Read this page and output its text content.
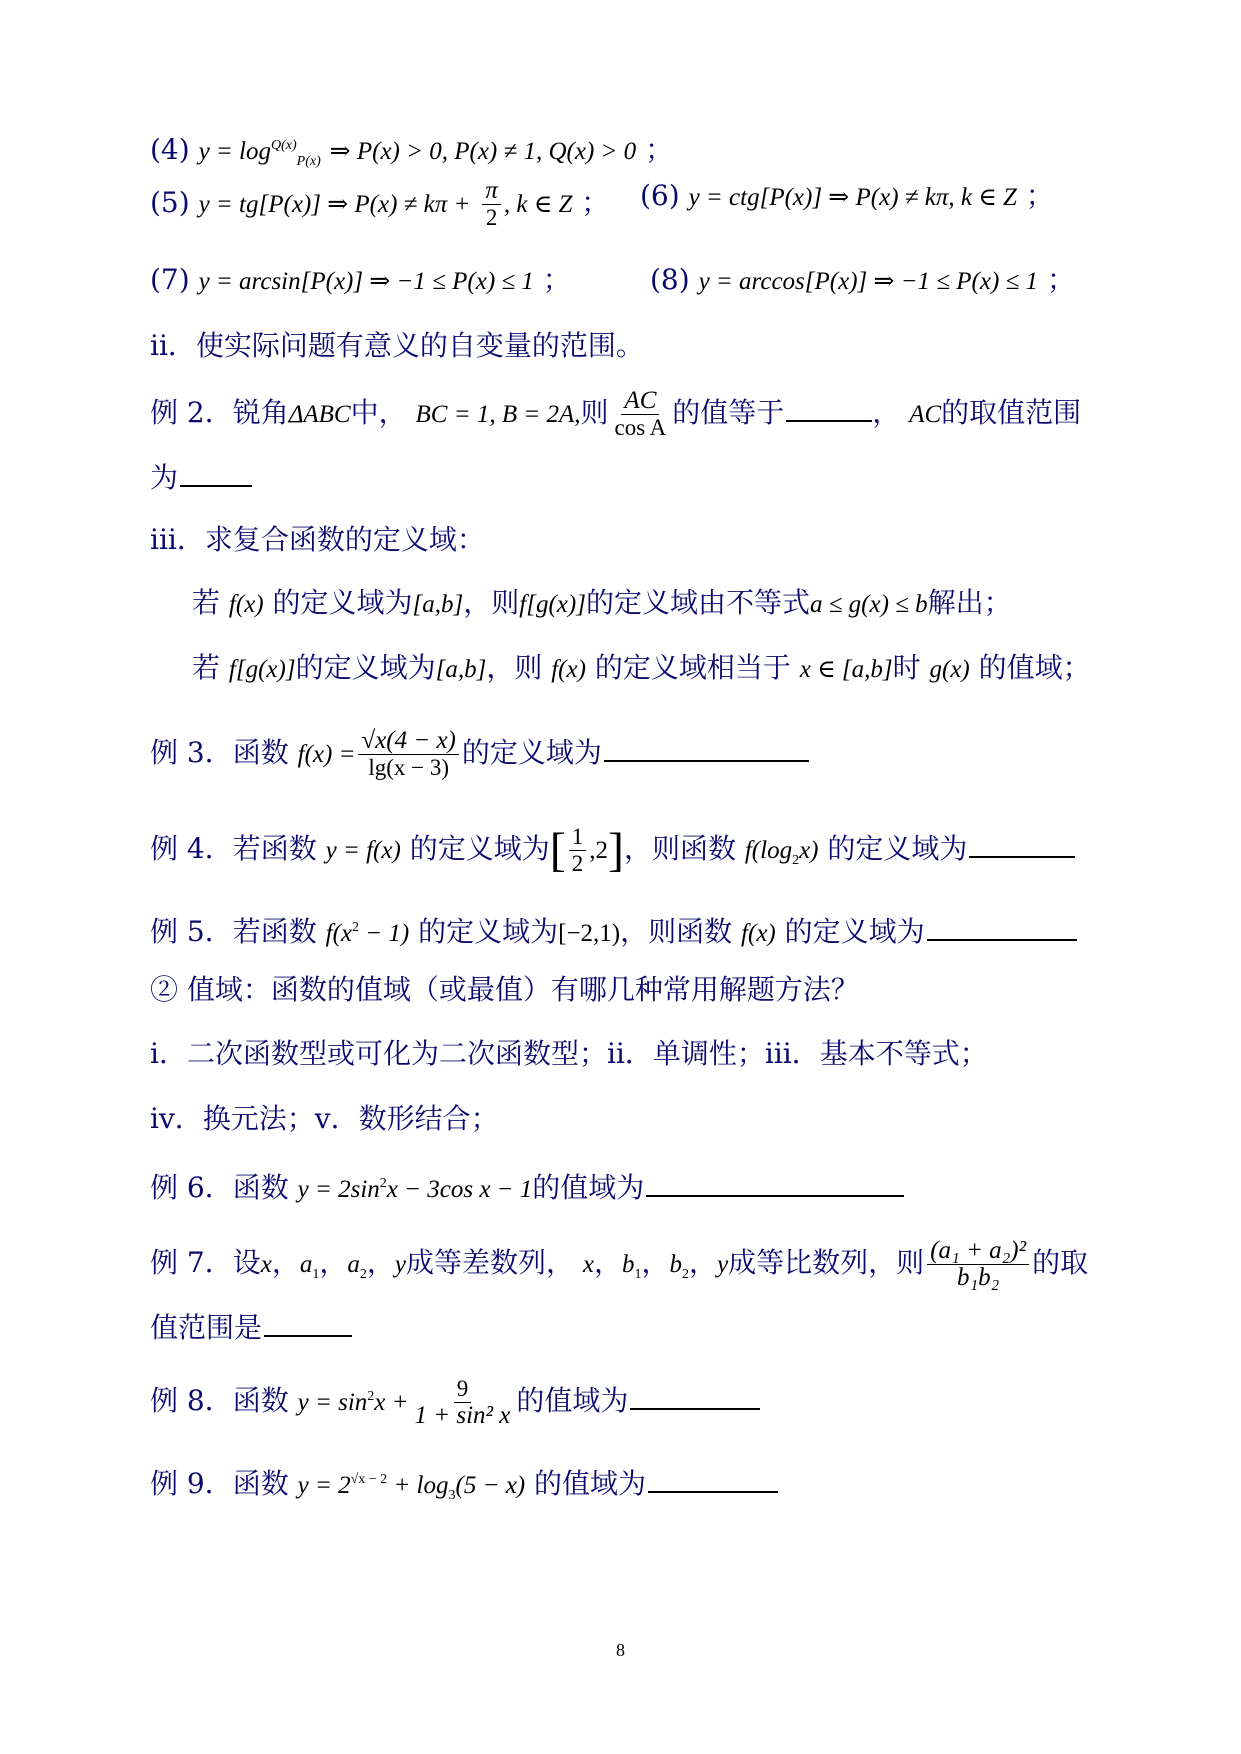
(4) $y = \log^{Q(x)}_{P(x)}$ ⇒ P(x) > 0, P(x) ≠ 1, Q(x) > 0 ；
(5) y = tg[P(x)] ⇒ $P(x) \ne k\pi + \frac{\pi}{2}$ , k ∈ Z ； (6) y = ctg[P(x)] ⇒ P(x) ≠ kπ, k ∈ Z ；
(7) y = arcsin[P(x)] ⇒ −1 ≤ P(x) ≤ 1 ；	(8) y = arccos[P(x)] ⇒ −1 ≤ P(x) ≤ 1 ；
ii．使实际问题有意义的自变量的范围。
例 2．锐角ΔABC中， BC = 1, B = 2A,则 $\frac{AC}{\text{cos A}}$ 的值等于	， AC的取值范围
为
iii．求复合函数的定义域：
若 f(x) 的定义域为[a,b]，则f[g(x)]的定义域由不等式a ≤ g(x) ≤ b解出；
若 f[g(x)]的定义域为[a,b]，则 f(x) 的定义域相当于 x ∈ [a,b]时 g(x) 的值域；
例 3．函数 $f(x) = \frac{√x(4 - x)}{\lg(x - 3)}$ 的定义域为
例 4．若函数 y = f(x) 的定义域为[ $\frac{1}{2} ,2$]，则函数 $f(\log_2x)$ 的定义域为
例 5．若函数 $f(x^2 - 1)$ 的定义域为[−2,1)，则函数 f(x) 的定义域为
② 值域：函数的值域（或最值）有哪几种常用解题方法？
i．二次函数型或可化为二次函数型；ii．单调性；iii．基本不等式；
iv．换元法；v．数形结合；
例 6．函数 $y = 2\sin^2x - 3\cos$ x − 1的值域为
例 7．设x，$a_1$，$a_2$，y成等差数列， x，$b_1$，$b_2$，y成等比数列，则 $\frac{\text{(a₁ + a₂)²}}{\text{b₁b₂}}$ 的取
值范围是
例 8．函数 $y = \sin^2x + \frac{9}{\text{1 + sin² x}}$ 的值域为
例 9．函数 $y = 2^{√x - 2} + \log_3(5 - x)$ 的值域为
8
